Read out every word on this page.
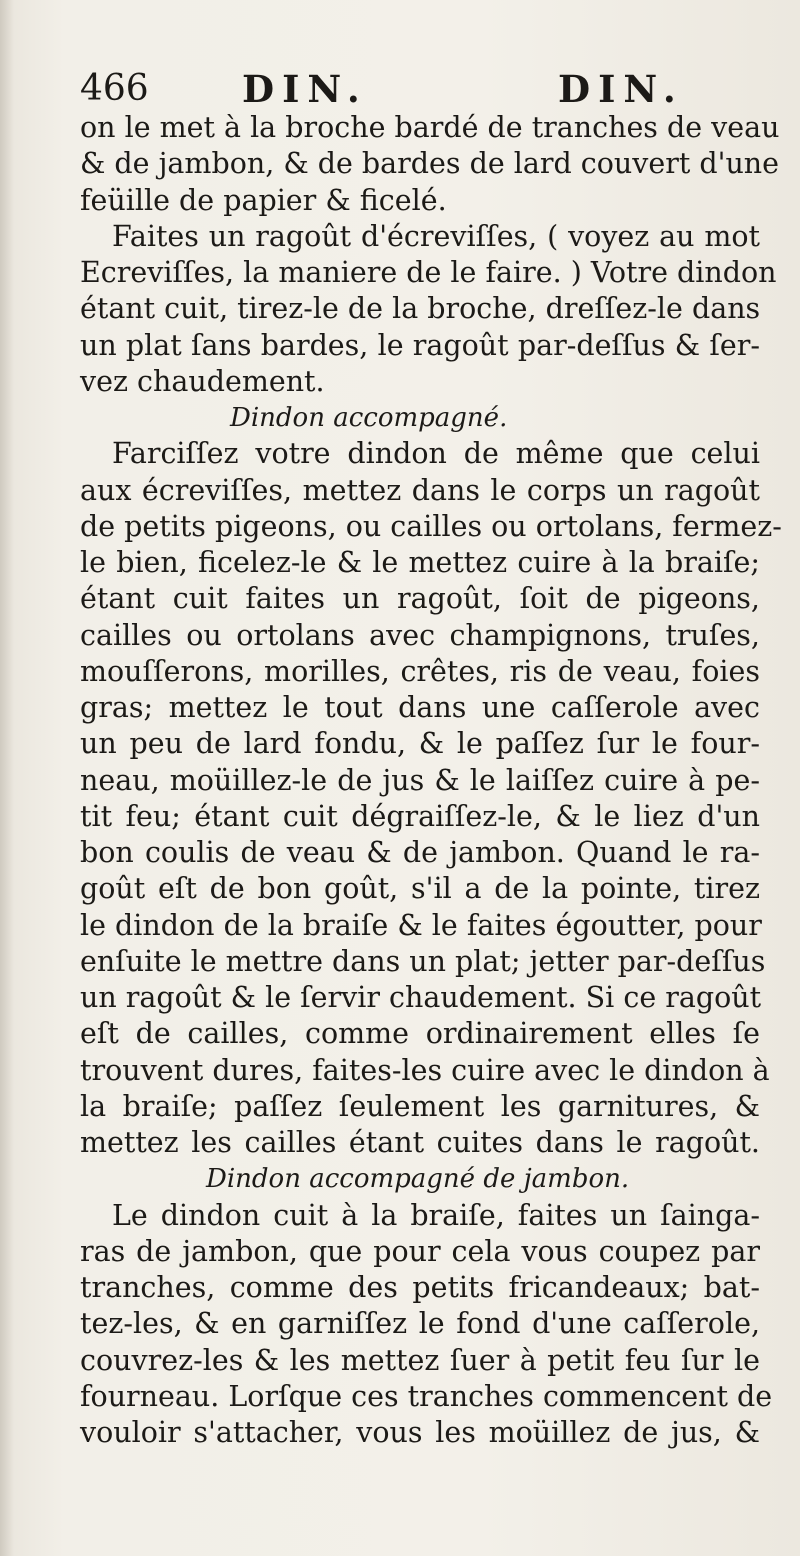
466	DIN.	DIN.
on le met à la broche bardé de tranches de veau
& de jambon, & de bardes de lard couvert d'une
feüille de papier & ficelé.
Faites un ragoût d'écreviſſes, ( voyez au mot
Ecreviſſes, la maniere de le faire. ) Votre dindon
étant cuit, tirez-le de la broche, dreſſez-le dans
un plat ſans bardes, le ragoût par-deſſus & ſer-
vez chaudement.
Dindon accompagné.
Farciſſez votre dindon de même que celui
aux écreviſſes, mettez dans le corps un ragoût
de petits pigeons, ou cailles ou ortolans, fermez-
le bien, ficelez-le & le mettez cuire à la braiſe;
étant cuit faites un ragoût, ſoit de pigeons,
cailles ou ortolans avec champignons, truſes,
mouſſerons, morilles, crêtes, ris de veau, foies
gras; mettez le tout dans une caſſerole avec
un peu de lard fondu, & le paſſez ſur le four-
neau, moüillez-le de jus & le laiſſez cuire à pe-
tit feu; étant cuit dégraiſſez-le, & le liez d'un
bon coulis de veau & de jambon. Quand le ra-
goût eſt de bon goût, s'il a de la pointe, tirez
le dindon de la braiſe & le faites égoutter, pour
enſuite le mettre dans un plat; jetter par-deſſus
un ragoût & le ſervir chaudement. Si ce ragoût
eſt de cailles, comme ordinairement elles ſe
trouvent dures, faites-les cuire avec le dindon à
la braiſe; paſſez ſeulement les garnitures, &
mettez les cailles étant cuites dans le ragoût.
Dindon accompagné de jambon.
Le dindon cuit à la braiſe, faites un ſainga-
ras de jambon, que pour cela vous coupez par
tranches, comme des petits fricandeaux; bat-
tez-les, & en garniſſez le fond d'une caſſerole,
couvrez-les & les mettez ſuer à petit feu ſur le
fourneau. Lorſque ces tranches commencent de
vouloir s'attacher, vous les moüillez de jus, &
